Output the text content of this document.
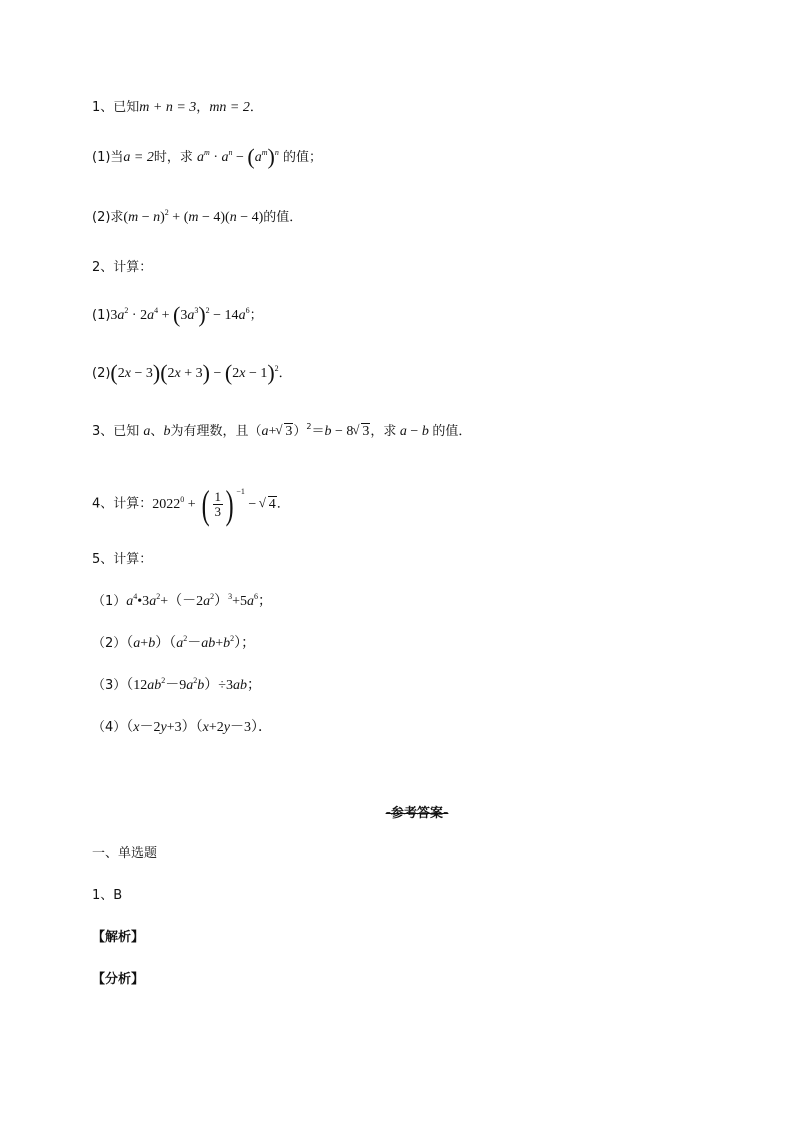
1、已知m + n = 3，mn = 2．
(1)当a = 2时，求 $a^m \cdot a^n - (a^m)^n$ 的值；
(2)求$(m - n)^2 + (m - 4)(n - 4)$的值．
2、计算：
$(1)3a^2 \cdot 2a^4 + (3a^3)^2 - 14a^6$；
$(2)(2x - 3)(2x + 3) - (2x - 1)^2$．
3、已知 a、b为有理数，且（a+ √ 3）$^2$＝b − 8 √ 3，求 a − b 的值．
4、计算：$2022^0$ + ( $\frac{1}{3}$ ) $^{-1}$ − √ 4．
5、计算：
$(1)a^4•3a^2+(-2a^2)^3+5a^6$；
$(2)(a+b)(a^2-ab+b^2)$；
$(3)(12ab^2-9a^2b)\div 3ab$；
（4）（x－2y+3）（x+2y－3）．
-参考答案-
一、单选题
1、B
【解析】
【分析】
